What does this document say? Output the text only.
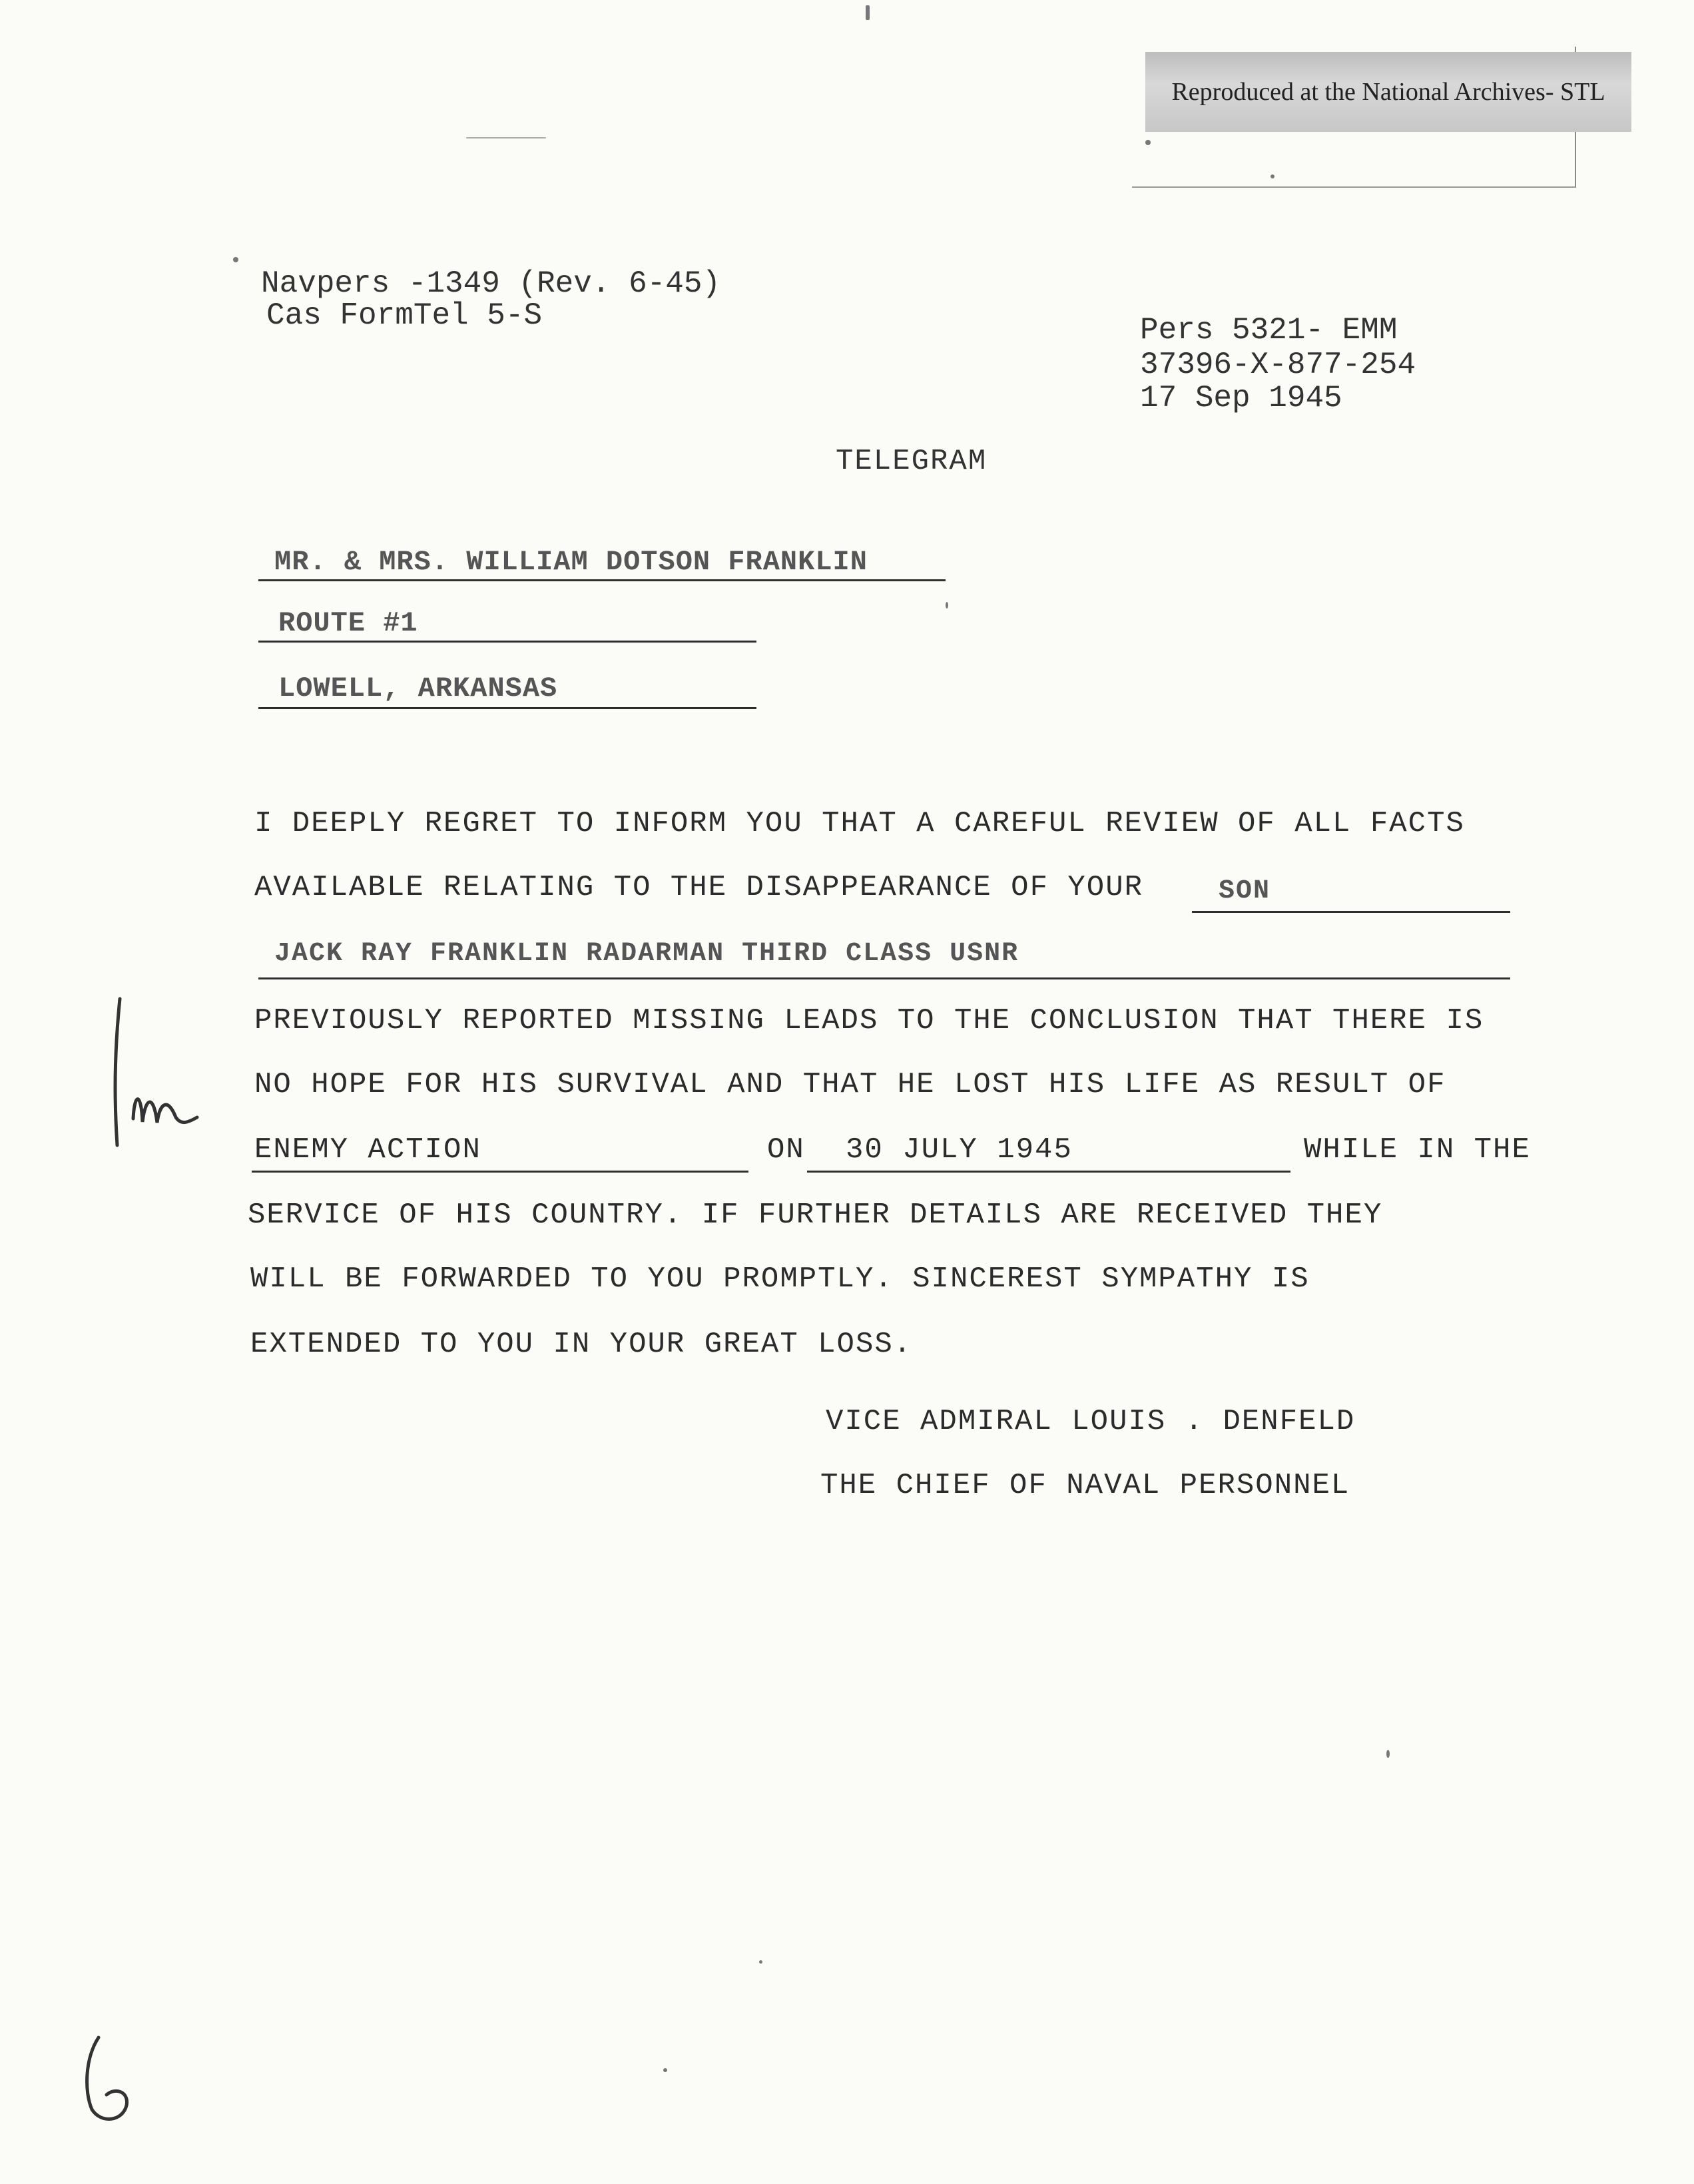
Reproduced at the National Archives- STL
Navpers -1349 (Rev. 6-45)
Cas FormTel 5-S	Pers 5321- EMM
37396-X-877-254
17 Sep 1945
TELEGRAM
MR. & MRS. WILLIAM DOTSON FRANKLIN
ROUTE #1
LOWELL, ARKANSAS
I DEEPLY REGRET TO INFORM YOU THAT A CAREFUL REVIEW OF ALL FACTS
AVAILABLE RELATING TO THE DISAPPEARANCE OF YOUR	SON
JACK RAY FRANKLIN RADARMAN THIRD CLASS USNR
PREVIOUSLY REPORTED MISSING LEADS TO THE CONCLUSION THAT THERE IS
NO HOPE FOR HIS SURVIVAL AND THAT HE LOST HIS LIFE AS RESULT OF
ENEMY ACTION	ON 30 JULY 1945	WHILE IN THE
SERVICE OF HIS COUNTRY. IF FURTHER DETAILS ARE RECEIVED THEY
WILL BE FORWARDED TO YOU PROMPTLY. SINCEREST SYMPATHY IS
EXTENDED TO YOU IN YOUR GREAT LOSS.
VICE ADMIRAL LOUIS . DENFELD
THE CHIEF OF NAVAL PERSONNEL
